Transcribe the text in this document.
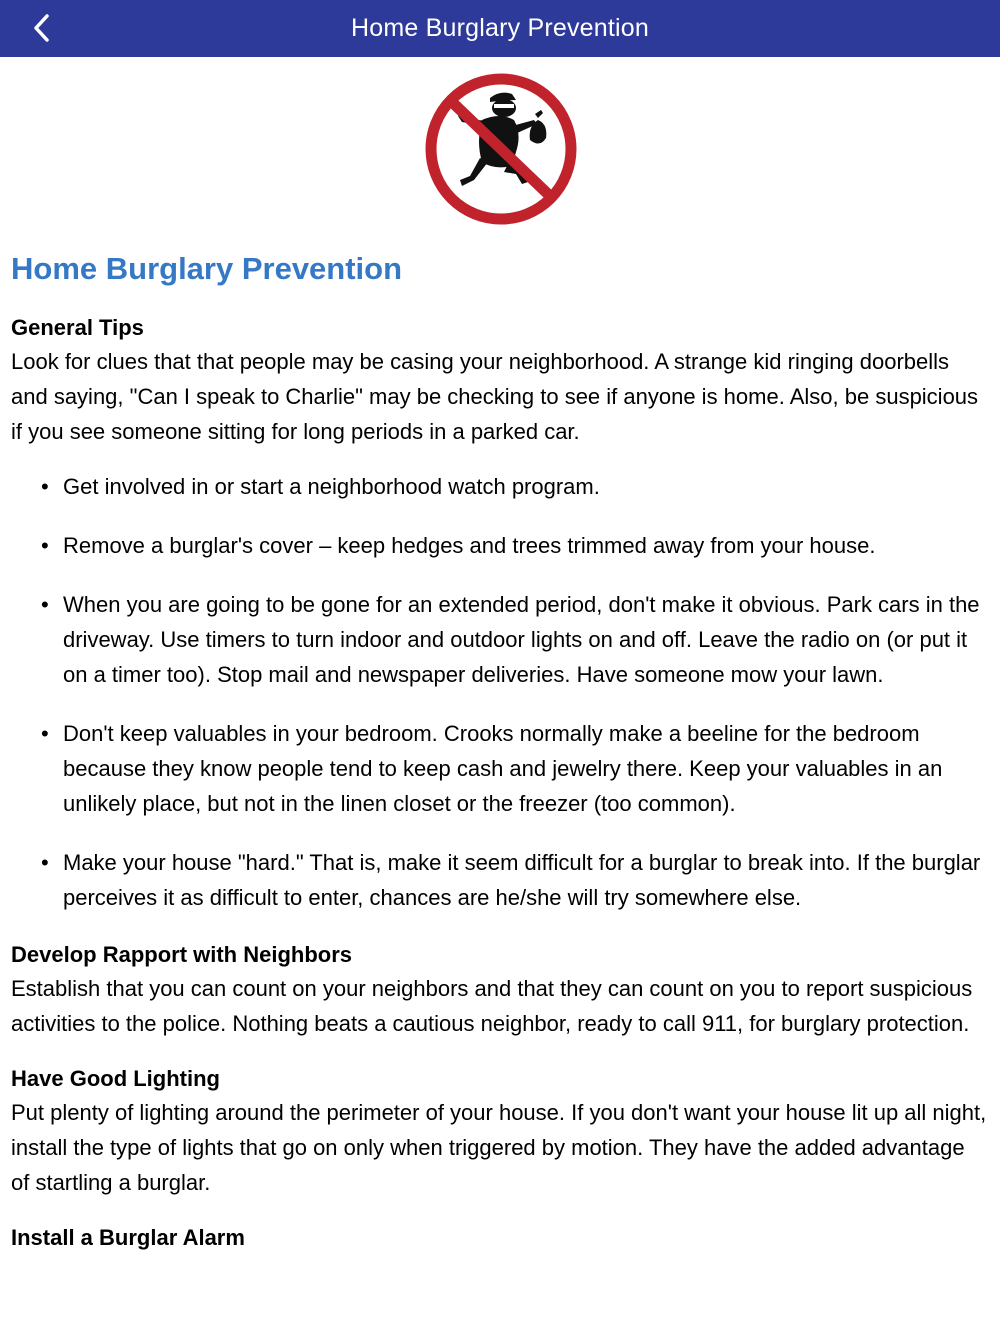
Home Burglary Prevention
Home Burglary Prevention
General Tips

Look for clues that that people may be casing your neighborhood. A strange kid ringing doorbells and saying, "Can I speak to Charlie" may be checking to see if anyone is home. Also, be suspicious if you see someone sitting for long periods in a parked car.

• Get involved in or start a neighborhood watch program.
• Remove a burglar's cover – keep hedges and trees trimmed away from your house.
• When you are going to be gone for an extended period, don't make it obvious. Park cars in the driveway. Use timers to turn indoor and outdoor lights on and off. Leave the radio on (or put it on a timer too). Stop mail and newspaper deliveries. Have someone mow your lawn.
• Don't keep valuables in your bedroom. Crooks normally make a beeline for the bedroom because they know people tend to keep cash and jewelry there. Keep your valuables in an unlikely place, but not in the linen closet or the freezer (too common).
• Make your house "hard." That is, make it seem difficult for a burglar to break into. If the burglar perceives it as difficult to enter, chances are he/she will try somewhere else.
Develop Rapport with Neighbors

Establish that you can count on your neighbors and that they can count on you to report suspicious activities to the police. Nothing beats a cautious neighbor, ready to call 911, for burglary protection.

Have Good Lighting

Put plenty of lighting around the perimeter of your house. If you don't want your house lit up all night, install the type of lights that go on only when triggered by motion. They have the added advantage of startling a burglar.

Install a Burglar Alarm
